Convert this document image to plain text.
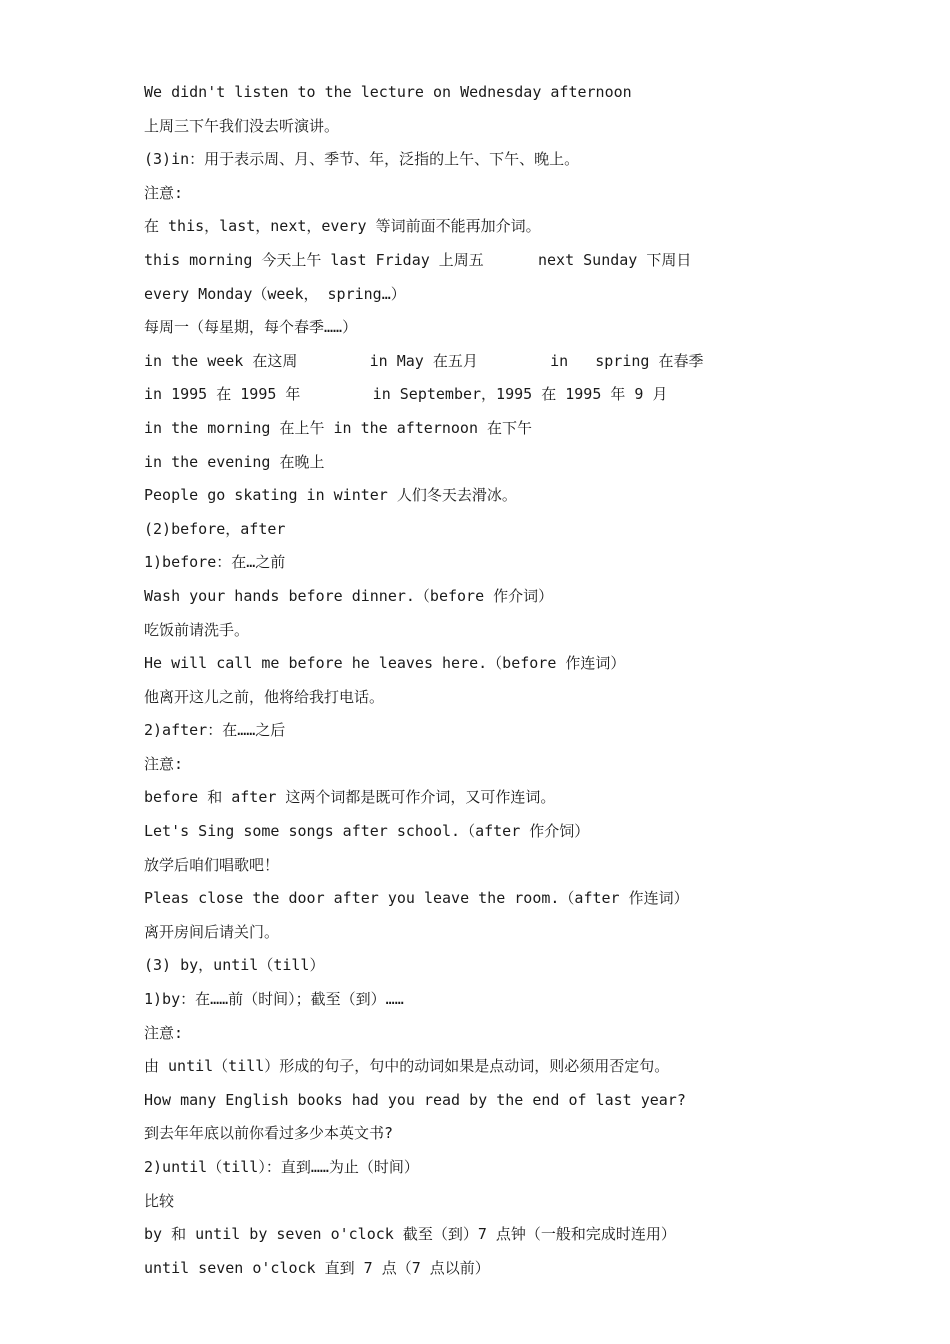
We didn't listen to the lecture on Wednesday afternoon
上周三下午我们没去听演讲。
(3)in：用于表示周、月、季节、年，泛指的上午、下午、晚上。
注意:
在 this，last，next，every 等词前面不能再加介词。
this morning 今天上午 last Friday 上周五      next Sunday 下周日
every Monday（week， spring…）
每周一（每星期，每个春季……）
in the week 在这周        in May 在五月        in   spring 在春季
in 1995 在 1995 年        in September，1995 在 1995 年 9 月
in the morning 在上午 in the afternoon 在下午
in the evening 在晚上
People go skating in winter 人们冬天去滑冰。
(2)before，after
1)before：在…之前
Wash your hands before dinner.（before 作介词）
吃饭前请洗手。
He will call me before he leaves here.（before 作连词）
他离开这儿之前，他将给我打电话。
2)after：在……之后
注意:
before 和 after 这两个词都是既可作介词，又可作连词。
Let's Sing some songs after school.（after 作介饲）
放学后咱们唱歌吧！
Pleas close the door after you leave the room.（after 作连词）
离开房间后请关门。
(3) by，until（till）
1)by：在……前（时间）；截至（到）……
注意:
由 until（till）形成的句子，句中的动词如果是点动词，则必须用否定句。
How many English books had you read by the end of last year?
到去年年底以前你看过多少本英文书?
2)until（till）：直到……为止（时间）
比较
by 和 until by seven o'clock 截至（到）7 点钟（一般和完成时连用）
until seven o'clock 直到 7 点（7 点以前）
